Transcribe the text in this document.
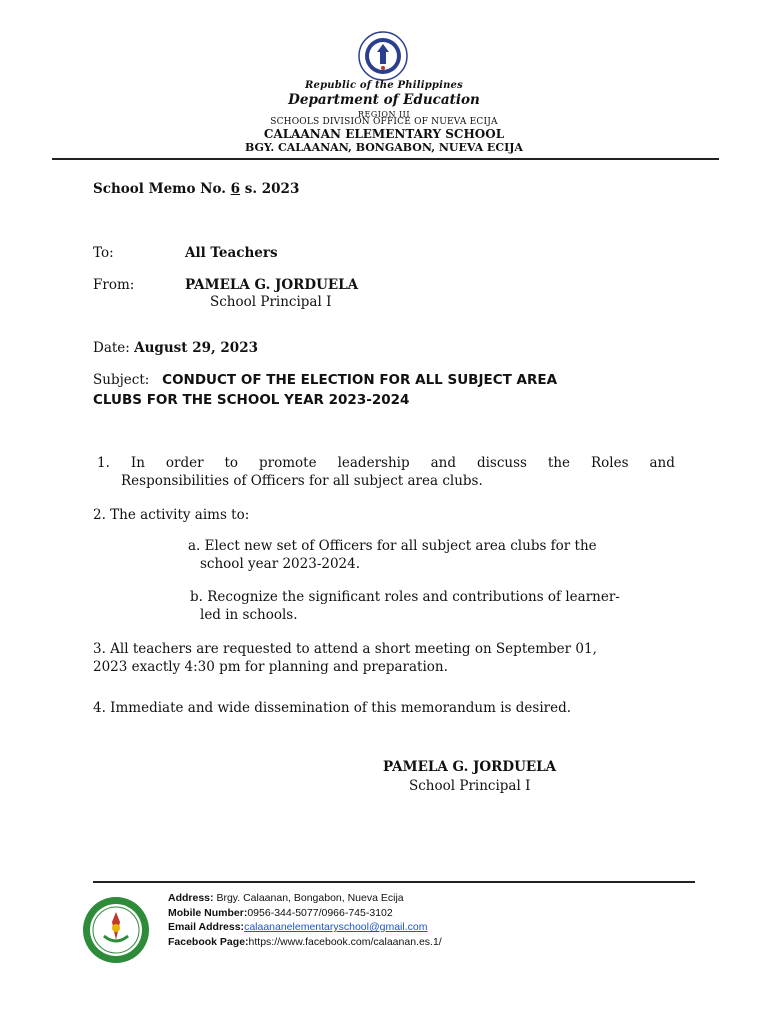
Republic of the Philippines
Department of Education
REGION III
SCHOOLS DIVISION OFFICE OF NUEVA ECIJA
CALAANAN ELEMENTARY SCHOOL
BGY. CALAANAN, BONGABON, NUEVA ECIJA
School Memo No. 6 s. 2023
To:	All Teachers
From:	PAMELA G. JORDUELA
School Principal I
Date: August 29, 2023
Subject: CONDUCT OF THE ELECTION FOR ALL SUBJECT AREA
CLUBS FOR THE SCHOOL YEAR 2023-2024
1. In order to promote leadership and discuss the Roles and
Responsibilities of Officers for all subject area clubs.
2. The activity aims to:
a. Elect new set of Officers for all subject area clubs for the
school year 2023-2024.
b. Recognize the significant roles and contributions of learner-
led in schools.
3. All teachers are requested to attend a short meeting on September 01,
2023 exactly 4:30 pm for planning and preparation.
4. Immediate and wide dissemination of this memorandum is desired.
PAMELA G. JORDUELA
School Principal I
Address: Brgy. Calaanan, Bongabon, Nueva Ecija
Mobile Number:0956-344-5077/0966-745-3102
Email Address:calaananelementaryschool@gmail.com
Facebook Page:https://www.facebook.com/calaanan.es.1/
